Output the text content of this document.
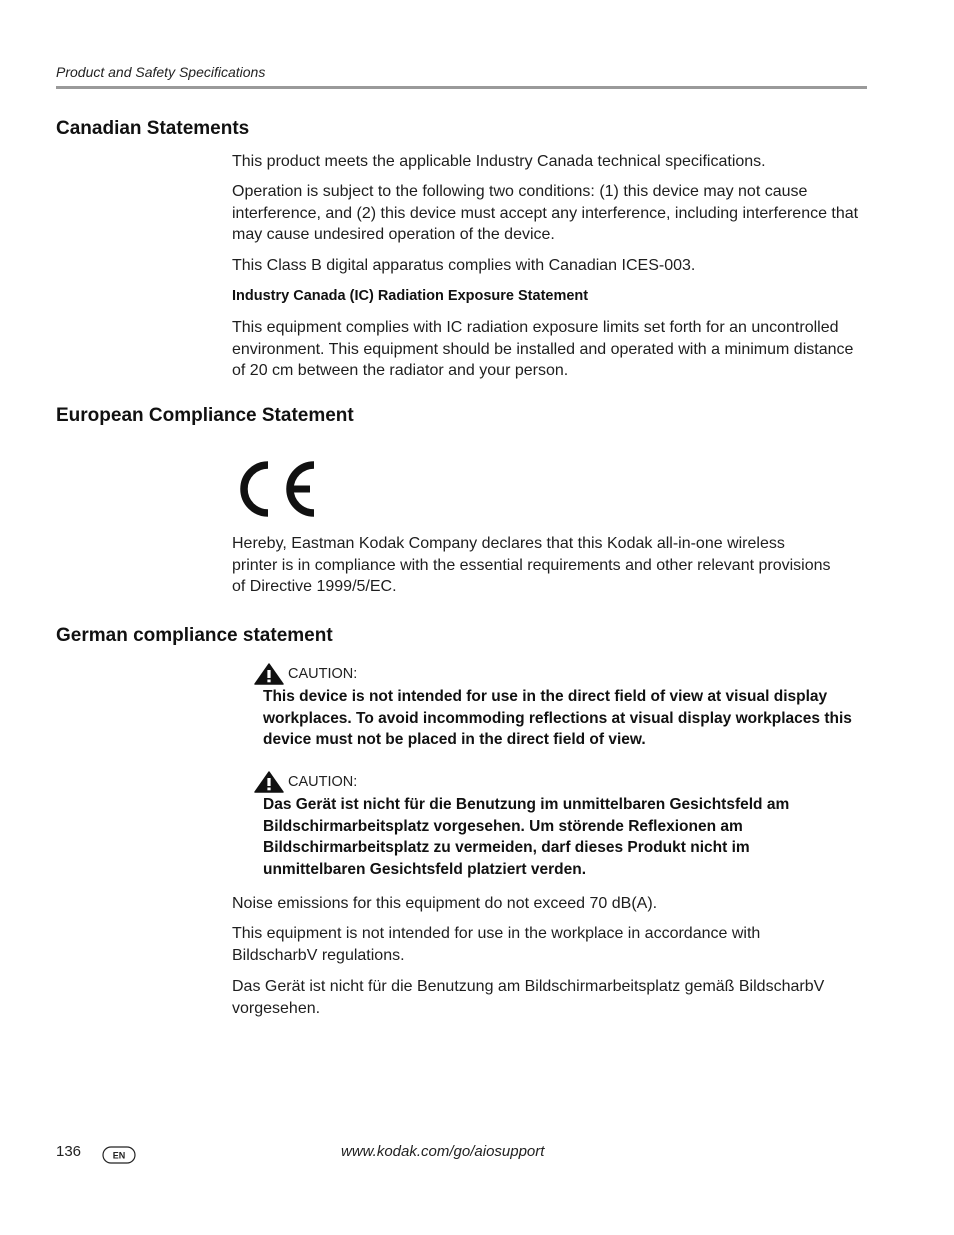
Product and Safety Specifications
Canadian Statements

This product meets the applicable Industry Canada technical specifications.

Operation is subject to the following two conditions: (1) this device may not cause interference, and (2) this device must accept any interference, including interference that may cause undesired operation of the device.

This Class B digital apparatus complies with Canadian ICES-003.

Industry Canada (IC) Radiation Exposure Statement

This equipment complies with IC radiation exposure limits set forth for an uncontrolled environment. This equipment should be installed and operated with a minimum distance of 20 cm between the radiator and your person.

European Compliance Statement

Hereby, Eastman Kodak Company declares that this Kodak all-in-one wireless printer is in compliance with the essential requirements and other relevant provisions of Directive 1999/5/EC.

German compliance statement
CAUTION:

This device is not intended for use in the direct field of view at visual display workplaces. To avoid incommoding reflections at visual display workplaces this device must not be placed in the direct field of view.

CAUTION:

Das Gerät ist nicht für die Benutzung im unmittelbaren Gesichtsfeld am Bildschirmarbeitsplatz vorgesehen. Um störende Reflexionen am Bildschirmarbeitsplatz zu vermeiden, darf dieses Produkt nicht im unmittelbaren Gesichtsfeld platziert verden.

Noise emissions for this equipment do not exceed 70 dB(A).

This equipment is not intended for use in the workplace in accordance with BildscharbV regulations.

Das Gerät ist nicht für die Benutzung am Bildschirmarbeitsplatz gemäß BildscharbV vorgesehen.

136	EN	www.kodak.com/go/aiosupport
